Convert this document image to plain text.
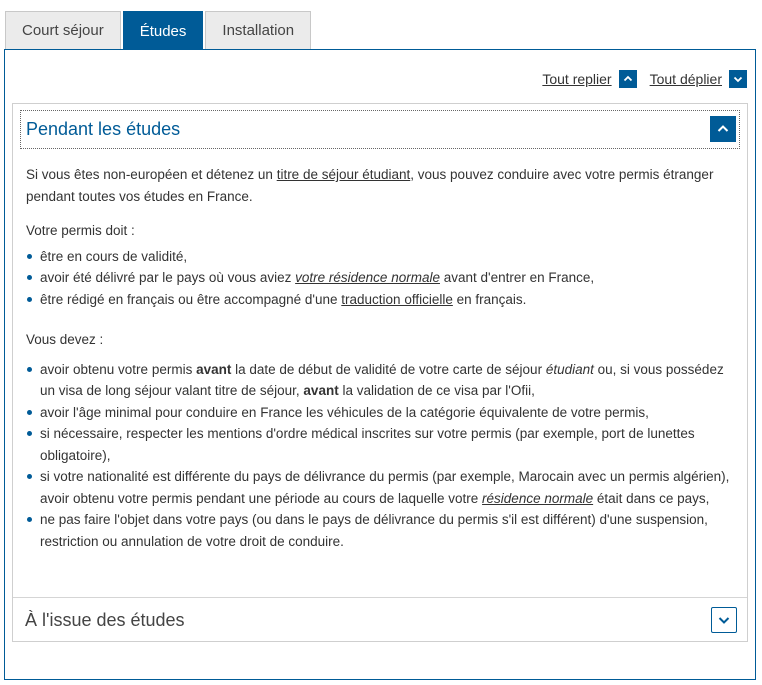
Court séjour	Études	Installation
Tout replier	Tout déplier
Pendant les études

Si vous êtes non-européen et détenez un titre de séjour étudiant, vous pouvez conduire avec votre permis étranger pendant toutes vos études en France.

Votre permis doit :

être en cours de validité,
avoir été délivré par le pays où vous aviez votre résidence normale avant d'entrer en France,
être rédigé en français ou être accompagné d'une traduction officielle en français.

Vous devez :

avoir obtenu votre permis avant la date de début de validité de votre carte de séjour étudiant ou, si vous possédez un visa de long séjour valant titre de séjour, avant la validation de ce visa par l'Ofii,
avoir l'âge minimal pour conduire en France les véhicules de la catégorie équivalente de votre permis,
si nécessaire, respecter les mentions d'ordre médical inscrites sur votre permis (par exemple, port de lunettes obligatoire),
si votre nationalité est différente du pays de délivrance du permis (par exemple, Marocain avec un permis algérien), avoir obtenu votre permis pendant une période au cours de laquelle votre résidence normale était dans ce pays,
ne pas faire l'objet dans votre pays (ou dans le pays de délivrance du permis s'il est différent) d'une suspension, restriction ou annulation de votre droit de conduire.
À l'issue des études
